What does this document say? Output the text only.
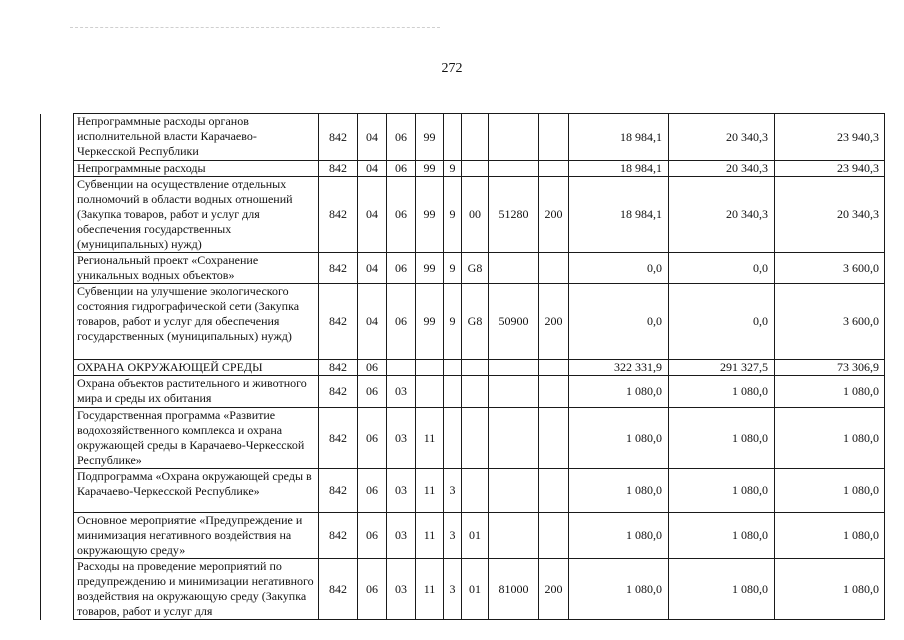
272
	Непрограммные расходы органов исполнительной власти Карачаево-Черкесской Республики	842	04	06	99					18 984,1	20 340,3	23 940,3
	Непрограммные расходы	842	04	06	99	9				18 984,1	20 340,3	23 940,3
	Субвенции на осуществление отдельных полномочий в области водных отношений (Закупка товаров, работ и услуг для обеспечения государственных (муниципальных) нужд)	842	04	06	99	9	00	51280	200	18 984,1	20 340,3	20 340,3
	Региональный проект «Сохранение уникальных водных объектов»	842	04	06	99	9	G8			0,0	0,0	3 600,0
	Субвенции на улучшение экологического состояния гидрографической сети (Закупка товаров, работ и услуг для обеспечения государственных (муниципальных) нужд)	842	04	06	99	9	G8	50900	200	0,0	0,0	3 600,0
	ОХРАНА ОКРУЖАЮЩЕЙ СРЕДЫ	842	06							322 331,9	291 327,5	73 306,9
	Охрана объектов растительного и животного мира и среды их обитания	842	06	03						1 080,0	1 080,0	1 080,0
	Государственная программа «Развитие водохозяйственного комплекса и охрана окружающей среды в Карачаево-Черкесской Республике»	842	06	03	11					1 080,0	1 080,0	1 080,0
	Подпрограмма «Охрана окружающей среды в Карачаево-Черкесской Республике»	842	06	03	11	3				1 080,0	1 080,0	1 080,0
	Основное мероприятие «Предупреждение и минимизация негативного воздействия на окружающую среду»	842	06	03	11	3	01			1 080,0	1 080,0	1 080,0
	Расходы на проведение мероприятий по предупреждению и минимизации негативного воздействия на окружающую среду (Закупка товаров, работ и услуг для	842	06	03	11	3	01	81000	200	1 080,0	1 080,0	1 080,0
